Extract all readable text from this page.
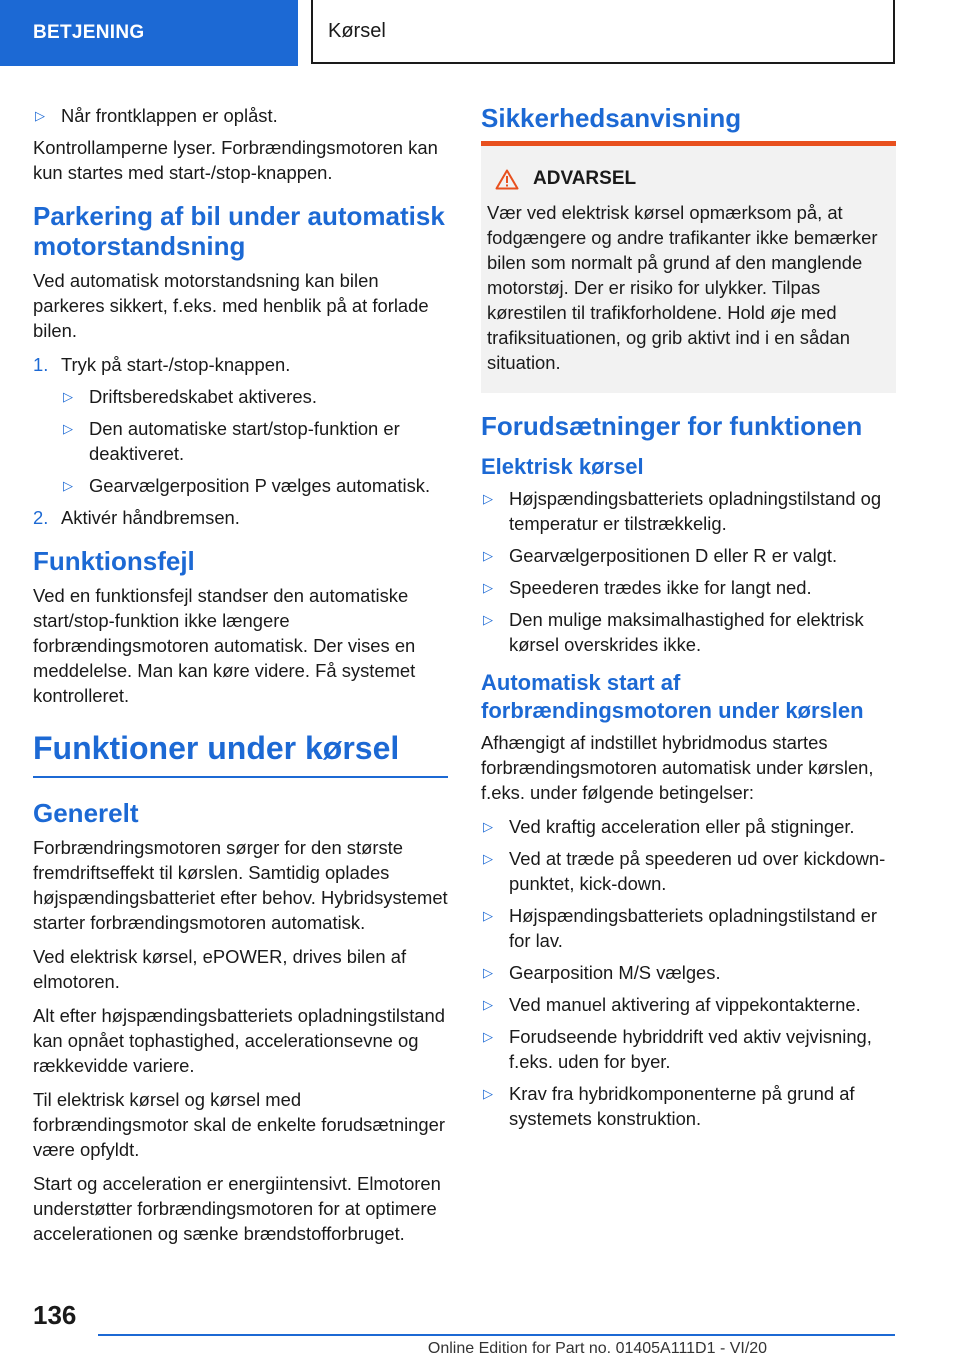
BETJENING	Kørsel
▷ Når frontklappen er oplåst.

Kontrollamperne lyser. Forbrændingsmotoren kan kun startes med start-/stop-knappen.

Parkering af bil under automatisk motorstandsning

Ved automatisk motorstandsning kan bilen parkeres sikkert, f.eks. med henblik på at forlade bilen.

1. Tryk på start-/stop-knappen.
▷ Driftsberedskabet aktiveres.
▷ Den automatiske start/stop-funktion er deaktiveret.
▷ Gearvælgerposition P vælges automatisk.
2. Aktivér håndbremsen.
Funktionsfejl

Ved en funktionsfejl standser den automatiske start/stop-funktion ikke længere forbrændingsmotoren automatisk. Der vises en meddelelse. Man kan køre videre. Få systemet kontrolleret.

Funktioner under kørsel
Generelt

Forbrændringsmotoren sørger for den største fremdriftseffekt til kørslen. Samtidig oplades højspændingsbatteriet efter behov. Hybridsystemet starter forbrændingsmotoren automatisk.

Ved elektrisk kørsel, ePOWER, drives bilen af elmotoren.

Alt efter højspændingsbatteriets opladningstilstand kan opnået tophastighed, accelerationsevne og rækkevidde variere.

Til elektrisk kørsel og kørsel med forbrændingsmotor skal de enkelte forudsætninger være opfyldt.

Start og acceleration er energiintensivt. Elmotoren understøtter forbrændingsmotoren for at optimere accelerationen og sænke brændstofforbruget.

Sikkerhedsanvisning
ADVARSEL

Vær ved elektrisk kørsel opmærksom på, at fodgængere og andre trafikanter ikke bemærker bilen som normalt på grund af den manglende motorstøj. Der er risiko for ulykker. Tilpas kørestilen til trafikforholdene. Hold øje med trafiksituationen, og grib aktivt ind i en sådan situation.

Forudsætninger for funktionen
Elektrisk kørsel
▷ Højspændingsbatteriets opladningstilstand og temperatur er tilstrækkelig.
▷ Gearvælgerpositionen D eller R er valgt.
▷ Speederen trædes ikke for langt ned.
▷ Den mulige maksimalhastighed for elektrisk kørsel overskrides ikke.
Automatisk start af forbrændingsmotoren under kørslen

Afhængigt af indstillet hybridmodus startes forbrændingsmotoren automatisk under kørslen, f.eks. under følgende betingelser:

▷ Ved kraftig acceleration eller på stigninger.
▷ Ved at træde på speederen ud over kickdown-punktet, kick-down.
▷ Højspændingsbatteriets opladningstilstand er for lav.
▷ Gearposition M/S vælges.
▷ Ved manuel aktivering af vippekontakterne.
▷ Forudseende hybriddrift ved aktiv vejvisning, f.eks. uden for byer.
▷ Krav fra hybridkomponenterne på grund af systemets konstruktion.
136
Online Edition for Part no. 01405A111D1 - VI/20
